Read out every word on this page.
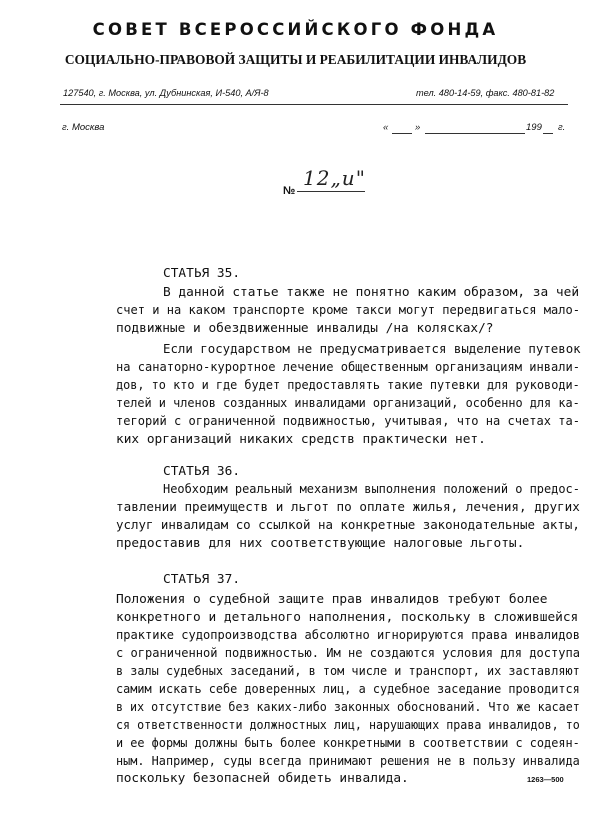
СОВЕТ ВСЕРОССИЙСКОГО ФОНДА
СОЦИАЛЬНО-ПРАВОВОЙ ЗАЩИТЫ И РЕАБИЛИТАЦИИ ИНВАЛИДОВ
127540, г. Москва, ул. Дубнинская, И-540, А/Я-8	тел. 480-14-59, факс. 480-81-82
г. Москва	«	»	199 г.
№
12„и"
СТАТЬЯ 35.
В данной статье также не понятно каким образом, за чей
счет и на каком транспорте кроме такси могут передвигаться мало-
подвижные и обездвиженные инвалиды /на колясках/?
Если государством не предусматривается выделение путевок
на санаторно-курортное лечение общественным организациям инвали-
дов, то кто и где будет предоставлять такие путевки для руководи-
телей и членов созданных инвалидами организаций, особенно для ка-
тегорий с ограниченной подвижностью, учитывая, что на счетах та-
ких организаций никаких средств практически нет.
СТАТЬЯ 36.
Необходим реальный механизм выполнения положений о предос-
тавлении преимуществ и льгот по оплате жилья, лечения, других
услуг инвалидам со ссылкой на конкретные законодательные акты,
предоставив для них соответствующие налоговые льготы.
СТАТЬЯ 37.
Положения о судебной защите прав инвалидов требуют более
конкретного и детального наполнения, поскольку в сложившейся
практике судопроизводства абсолютно игнорируются права инвалидов
с ограниченной подвижностью. Им не создаются условия для доступа
в залы судебных заседаний, в том числе и транспорт, их заставляют
самим искать себе доверенных лиц, а судебное заседание проводится
в их отсутствие без каких-либо законных обоснований. Что же касает
ся ответственности должностных лиц, нарушающих права инвалидов, то
и ее формы должны быть более конкретными в соответствии с содеян-
ным. Например, суды всегда принимают решения не в пользу инвалида
поскольку безопасней обидеть инвалида.	1263—500
